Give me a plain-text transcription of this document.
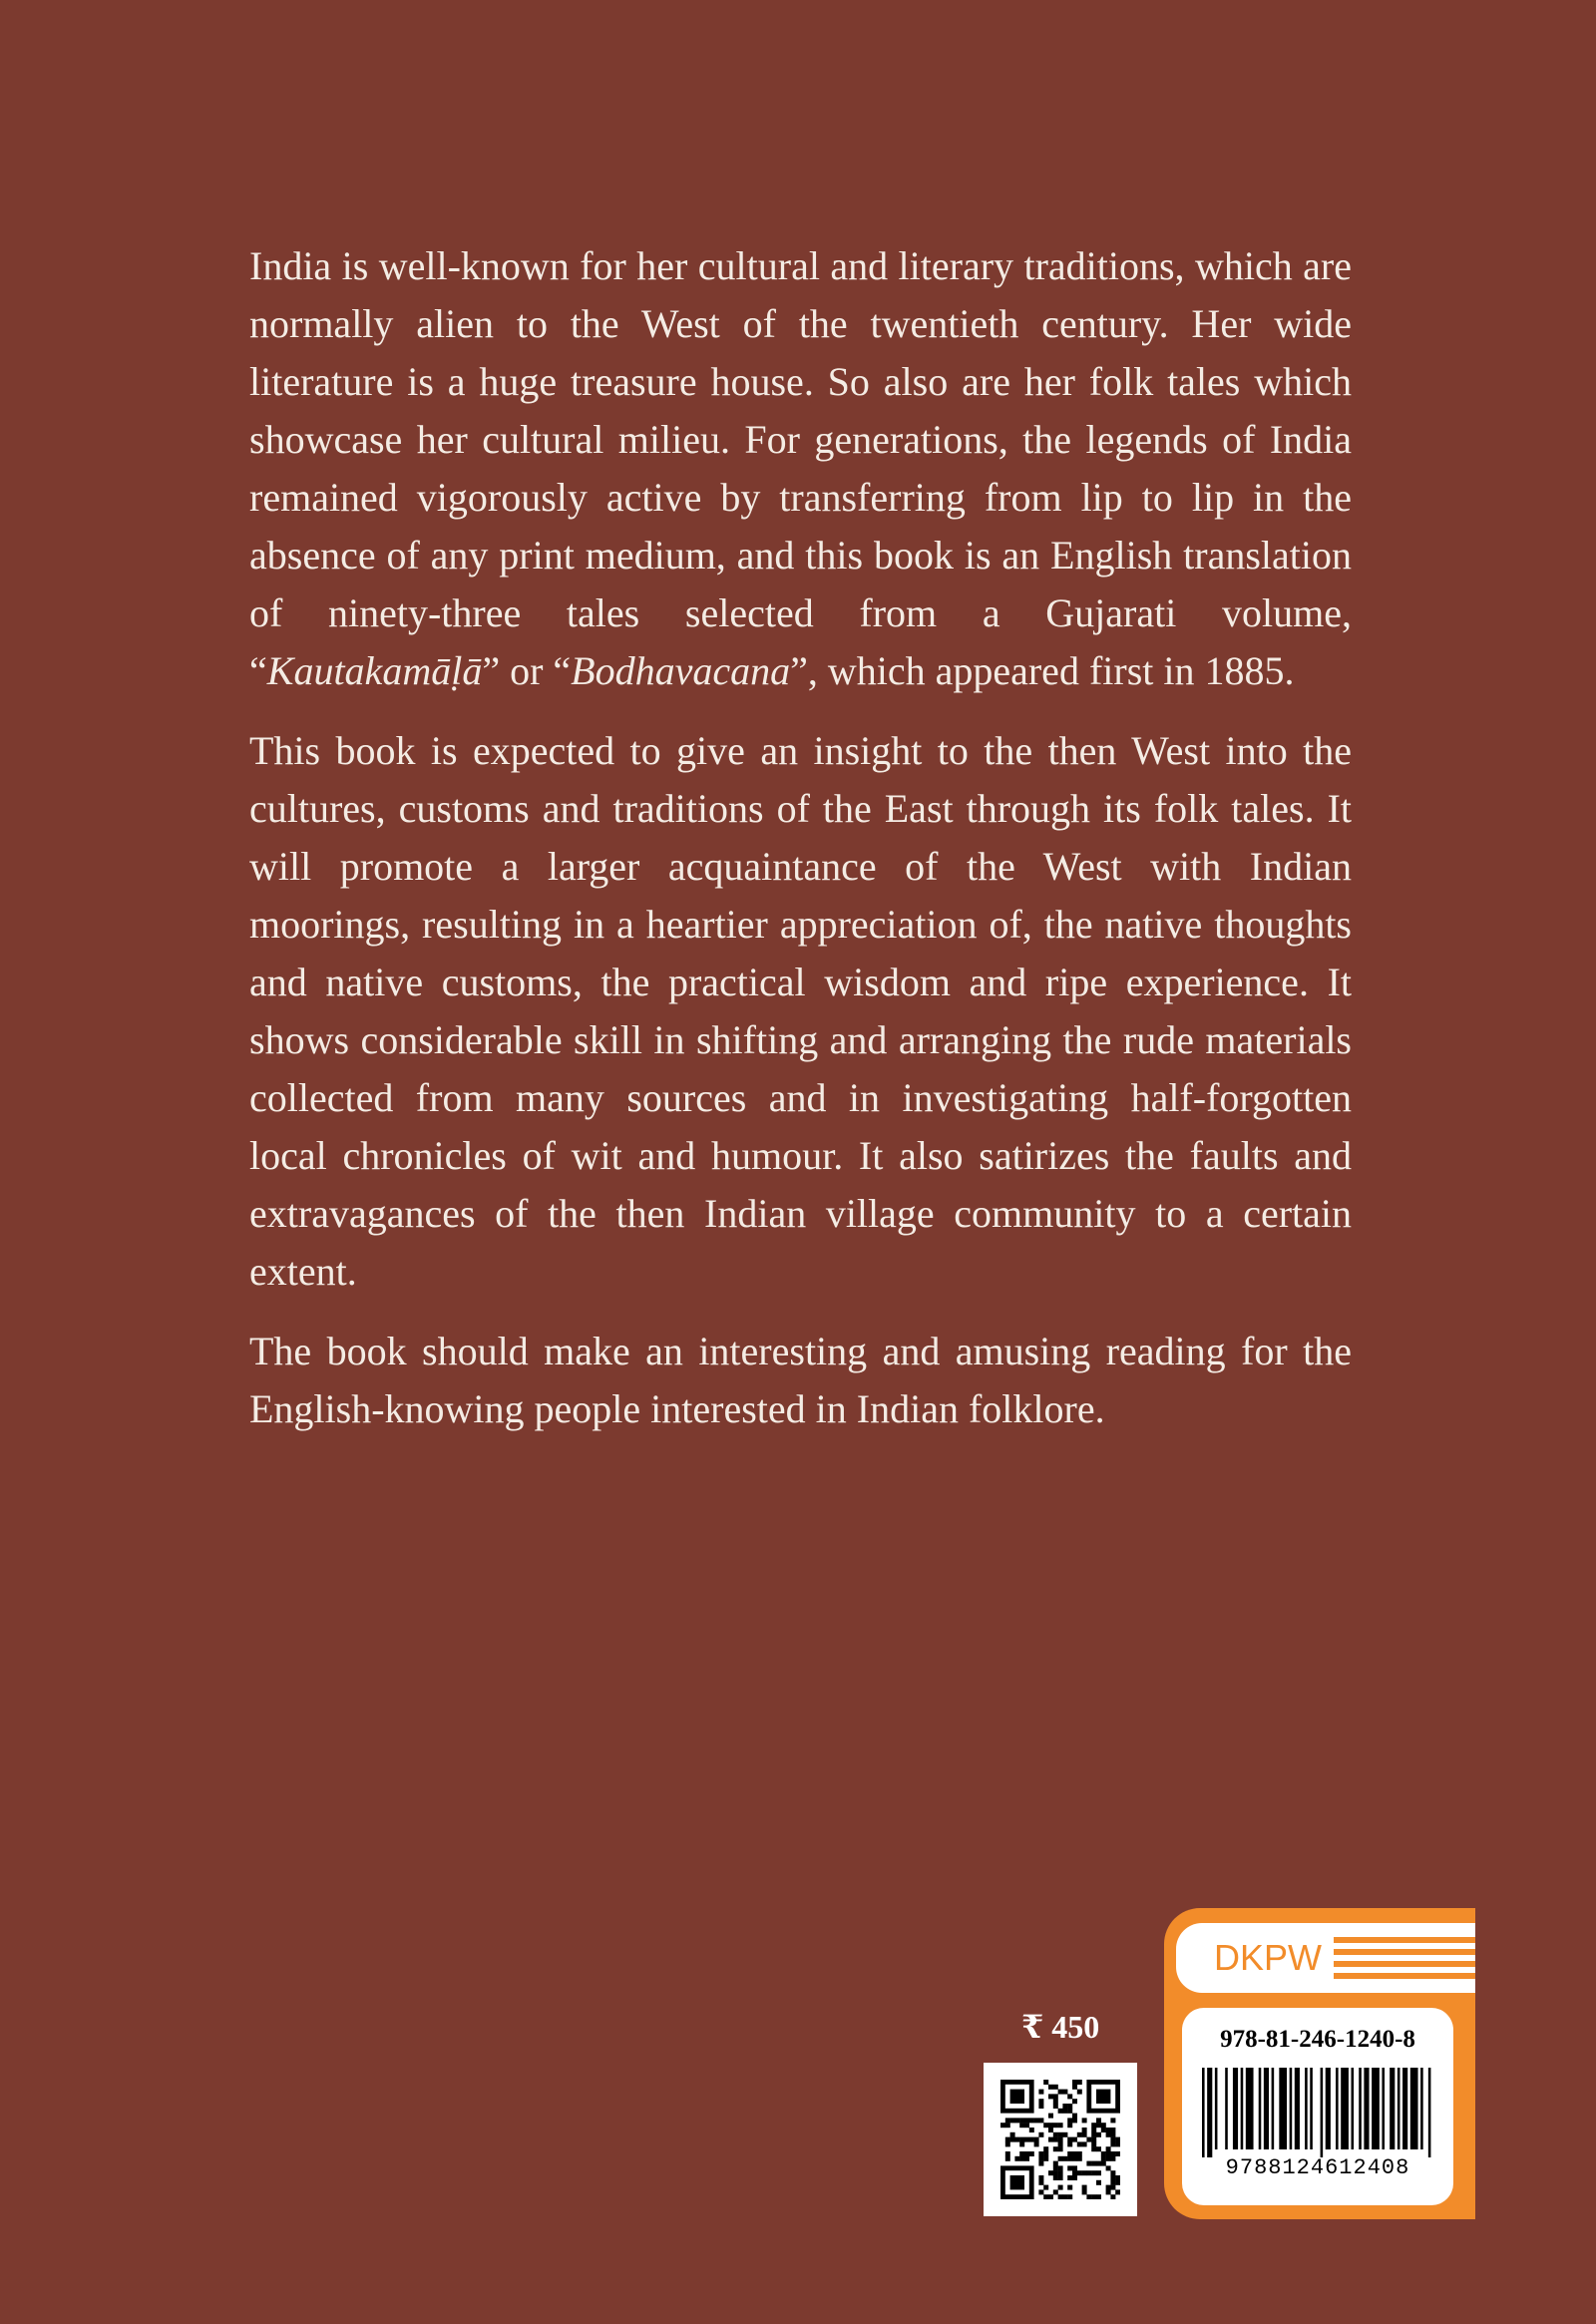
India is well-known for her cultural and literary traditions, which are normally alien to the West of the twentieth century. Her wide literature is a huge treasure house. So also are her folk tales which showcase her cultural milieu. For generations, the legends of India remained vigorously active by transferring from lip to lip in the absence of any print medium, and this book is an English translation of ninety-three tales selected from a Gujarati volume, “Kautakamāḷā” or “Bodhavacana”, which appeared first in 1885.

This book is expected to give an insight to the then West into the cultures, customs and traditions of the East through its folk tales. It will promote a larger acquaintance of the West with Indian moorings, resulting in a heartier appreciation of, the native thoughts and native customs, the practical wisdom and ripe experience. It shows considerable skill in shifting and arranging the rude materials collected from many sources and in investigating half-forgotten local chronicles of wit and humour. It also satirizes the faults and extravagances of the then Indian village community to a certain extent.

The book should make an interesting and amusing reading for the English-knowing people interested in Indian folklore.

₹ 450
DKPW
978-81-246-1240-8
9788124612408
